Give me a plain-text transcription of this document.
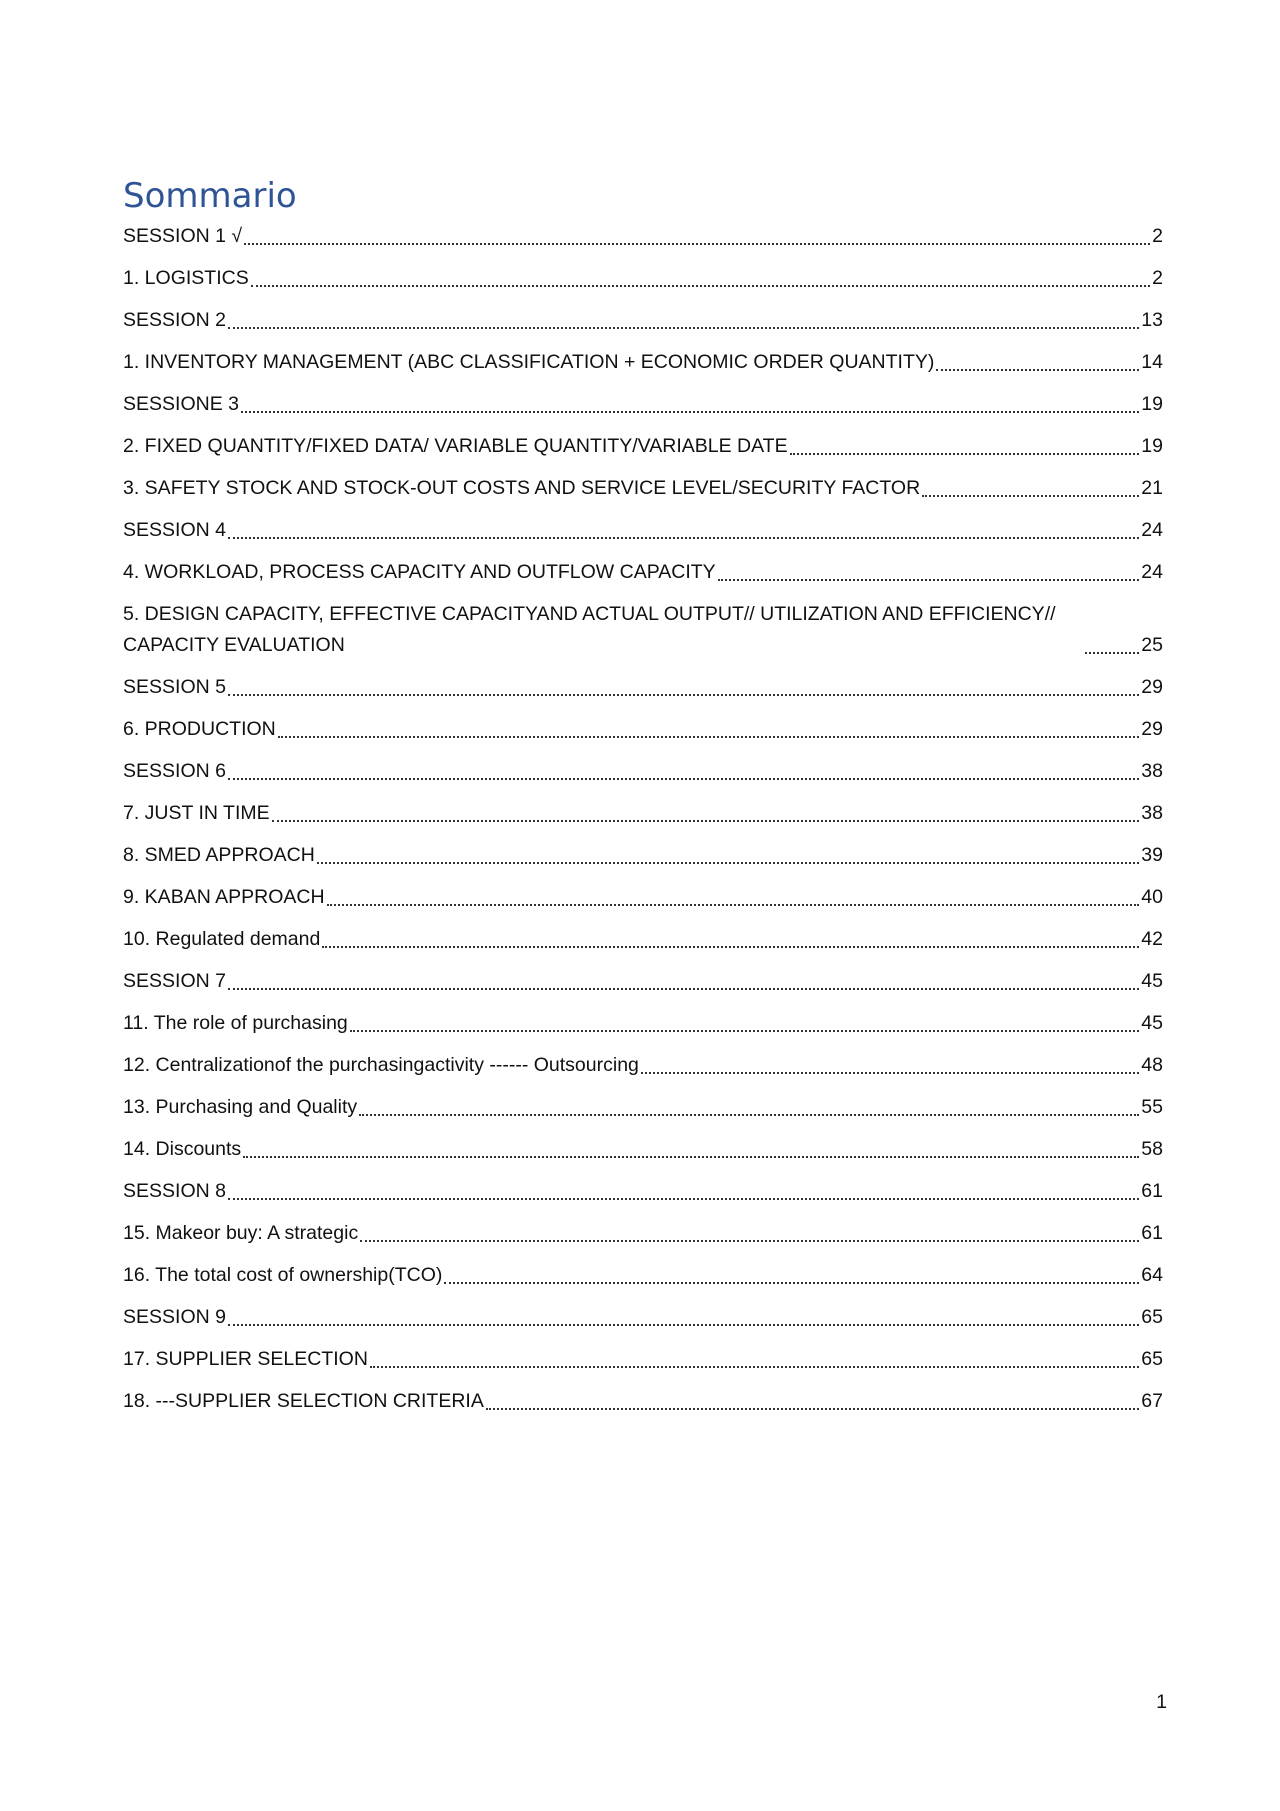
Sommario
SESSION 1 √	2
1. LOGISTICS	2
SESSION 2	13
1. INVENTORY MANAGEMENT (ABC CLASSIFICATION + ECONOMIC ORDER QUANTITY)	14
SESSIONE 3	19
2. FIXED QUANTITY/FIXED DATA/ VARIABLE QUANTITY/VARIABLE DATE	19
3. SAFETY STOCK AND STOCK-OUT COSTS AND SERVICE LEVEL/SECURITY FACTOR	21
SESSION 4	24
4. WORKLOAD, PROCESS CAPACITY AND OUTFLOW CAPACITY	24
5. DESIGN CAPACITY, EFFECTIVE CAPACITYAND ACTUAL OUTPUT// UTILIZATION AND EFFICIENCY// CAPACITY EVALUATION	25
SESSION 5	29
6. PRODUCTION	29
SESSION 6	38
7. JUST IN TIME	38
8. SMED APPROACH	39
9. KABAN APPROACH	40
10. Regulated demand	42
SESSION 7	45
11. The role of purchasing	45
12. Centralizationof the purchasingactivity ------ Outsourcing	48
13. Purchasing and Quality	55
14. Discounts	58
SESSION 8	61
15. Makeor buy: A strategic	61
16. The total cost of ownership(TCO)	64
SESSION 9	65
17. SUPPLIER SELECTION	65
18. ---SUPPLIER SELECTION CRITERIA	67
1
